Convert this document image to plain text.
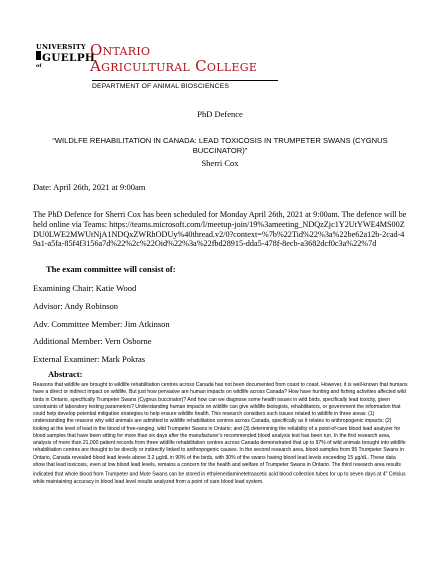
UNIVERSITY
GUELPH
of
Ontario
Agricultural College
DEPARTMENT OF ANIMAL BIOSCIENCES
PhD Defence
“WILDLFE REHABILITATION IN CANADA: LEAD TOXICOSIS IN TRUMPETER SWANS (CYGNUS BUCCINATOR)”
Sherri Cox
Date: April 26th, 2021 at 9:00am
The PhD Defence for Sherri Cox has been scheduled for Monday April 26th, 2021 at 9:00am. The defence will be held online via Teams: https://teams.microsoft.com/l/meetup-join/19%3ameeting_NDQzZjc1Y2UtYWE4MS00ZDU0LWE2MWUtNjA1NDQxZWRhODUy%40thread.v2/0?context=%7b%22Tid%22%3a%22be62a12b-2cad-49a1-a5fa-85f4f3156a7d%22%2c%22Oid%22%3a%22fbd28915-dda5-478f-8ecb-a3682dcf0c3a%22%7d
The exam committee will consist of:
Examining Chair: Katie Wood
Advisor: Andy Robinson
Adv. Committee Member: Jim Atkinson
Additional Member: Vern Osborne
External Examiner: Mark Pokras
Abstract:
Reasons that wildlife are brought to wildlife rehabilitation centres across Canada has not been documented from coast to coast. However, it is well-known that humans have a direct or indirect impact on wildlife. But just how pervasive are human impacts on wildlife across Canada? How have hunting and fishing activities affected wild birds in Ontario, specifically Trumpeter Swans (Cygnus buccinator)? And how can we diagnose some health issues in wild birds, specifically lead toxicity, given constraints of laboratory testing parameters? Understanding human impacts on wildlife can give wildlife biologists, rehabilitators, or government the information that could help develop potential mitigation strategies to help ensure wildlife health. This research considers such issues related to wildlife in three areas: (1) understanding the reasons why wild animals are admitted to wildlife rehabilitation centres across Canada, specifically as it relates to anthropogenic impacts; (2) looking at the level of lead in the blood of free-ranging, wild Trumpeter Swans in Ontario; and (3) determining the reliability of a point-of-care blood lead analyzer for blood samples that have been sitting for more than six days after the manufacturer’s recommended blood analysis test has been run. In the first research area, analysis of more than 21,000 patient records from three wildlife rehabilitation centres across Canada demonstrated that up to 97% of wild animals brought into wildlife rehabilitation centres are thought to be directly or indirectly linked to anthropogenic causes. In the second research area, blood samples from 95 Trumpeter Swans in Ontario, Canada revealed blood lead levels above 3.2 µg/dL in 90% of the birds, with 30% of the swans having blood lead levels exceeding 15 µg/dL. These data show that lead toxicosis, even at low blood lead levels, remains a concern for the health and welfare of Trumpeter Swans in Ontario. The third research area results indicated that whole blood from Trumpeter and Mute Swans can be stored in ethylenediaminetetraacetic acid blood collection tubes for up to seven days at 4$^o$ Celsius while maintaining accuracy in blood lead level results analyzed from a point of care blood lead system.
